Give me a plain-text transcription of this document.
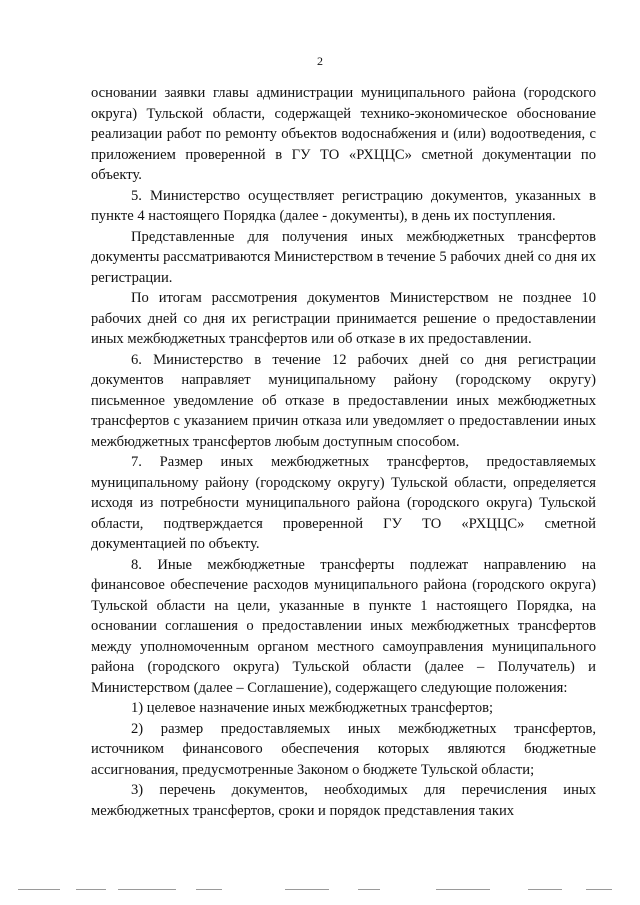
2

основании заявки главы администрации муниципального района (городского округа) Тульской области, содержащей технико-экономическое обоснование реализации работ по ремонту объектов водоснабжения и (или) водоотведения, с приложением проверенной в ГУ ТО «РХЦЦС» сметной документации по объекту.

5. Министерство осуществляет регистрацию документов, указанных в пункте 4 настоящего Порядка (далее - документы), в день их поступления.

Представленные для получения иных межбюджетных трансфертов документы рассматриваются Министерством в течение 5 рабочих дней со дня их регистрации.

По итогам рассмотрения документов Министерством не позднее 10 рабочих дней со дня их регистрации принимается решение о предоставлении иных межбюджетных трансфертов или об отказе в их предоставлении.

6. Министерство в течение 12 рабочих дней со дня регистрации документов направляет муниципальному району (городскому округу) письменное уведомление об отказе в предоставлении иных межбюджетных трансфертов с указанием причин отказа или уведомляет о предоставлении иных межбюджетных трансфертов любым доступным способом.

7. Размер иных межбюджетных трансфертов, предоставляемых муниципальному району (городскому округу) Тульской области, определяется исходя из потребности муниципального района (городского округа) Тульской области, подтверждается проверенной ГУ ТО «РХЦЦС» сметной документацией по объекту.

8. Иные межбюджетные трансферты подлежат направлению на финансовое обеспечение расходов муниципального района (городского округа) Тульской области на цели, указанные в пункте 1 настоящего Порядка, на основании соглашения о предоставлении иных межбюджетных трансфертов между уполномоченным органом местного самоуправления муниципального района (городского округа) Тульской области (далее – Получатель) и Министерством (далее – Соглашение), содержащего следующие положения:

1) целевое назначение иных межбюджетных трансфертов;

2) размер предоставляемых иных межбюджетных трансфертов, источником финансового обеспечения которых являются бюджетные ассигнования, предусмотренные Законом о бюджете Тульской области;

3) перечень документов, необходимых для перечисления иных межбюджетных трансфертов, сроки и порядок представления таких
